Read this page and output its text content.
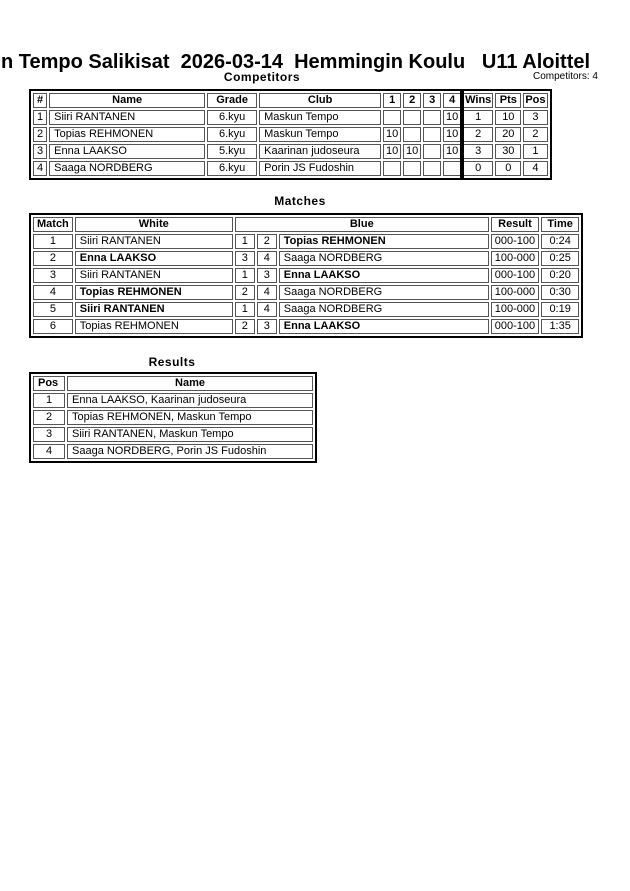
n Tempo Salikisat  2026-03-14  Hemmingin Koulu   U11 Aloittel
Competitors	Competitors: 4
#	Name	Grade	Club	1	2	3	4	Wins	Pts	Pos
1	Siiri RANTANEN	6.kyu	Maskun Tempo				10	1	10	3
2	Topias REHMONEN	6.kyu	Maskun Tempo	10			10	2	20	2
3	Enna LAAKSO	5.kyu	Kaarinan judoseura	10	10		10	3	30	1
4	Saaga NORDBERG	6.kyu	Porin JS Fudoshin					0	0	4
Matches
Match	White	Blue			Result	Time
1	Siiri RANTANEN	1	2	Topias REHMONEN	000-100	0:24
2	Enna LAAKSO	3	4	Saaga NORDBERG	100-000	0:25
3	Siiri RANTANEN	1	3	Enna LAAKSO	000-100	0:20
4	Topias REHMONEN	2	4	Saaga NORDBERG	100-000	0:30
5	Siiri RANTANEN	1	4	Saaga NORDBERG	100-000	0:19
6	Topias REHMONEN	2	3	Enna LAAKSO	000-100	1:35
Results
Pos	Name
1	Enna LAAKSO, Kaarinan judoseura
2	Topias REHMONEN, Maskun Tempo
3	Siiri RANTANEN, Maskun Tempo
4	Saaga NORDBERG, Porin JS Fudoshin
